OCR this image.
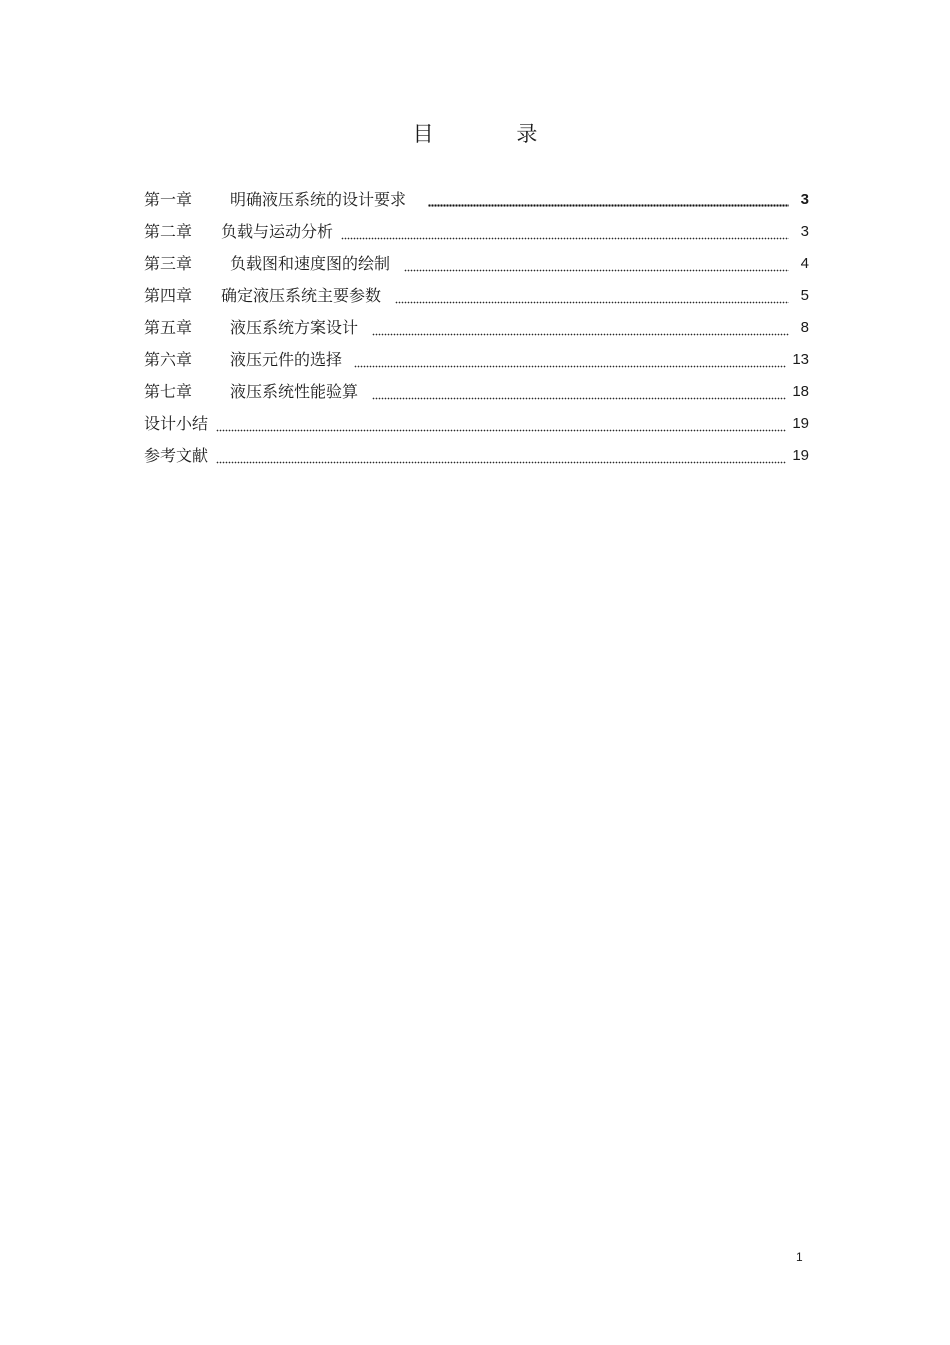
目 录
第一章	明确液压系统的设计要求	3
第二章	负载与运动分析	3
第三章	负载图和速度图的绘制	4
第四章	确定液压系统主要参数	5
第五章	液压系统方案设计	8
第六章	液压元件的选择	13
第七章	液压系统性能验算	18
设计小结	19
参考文献	19
1
